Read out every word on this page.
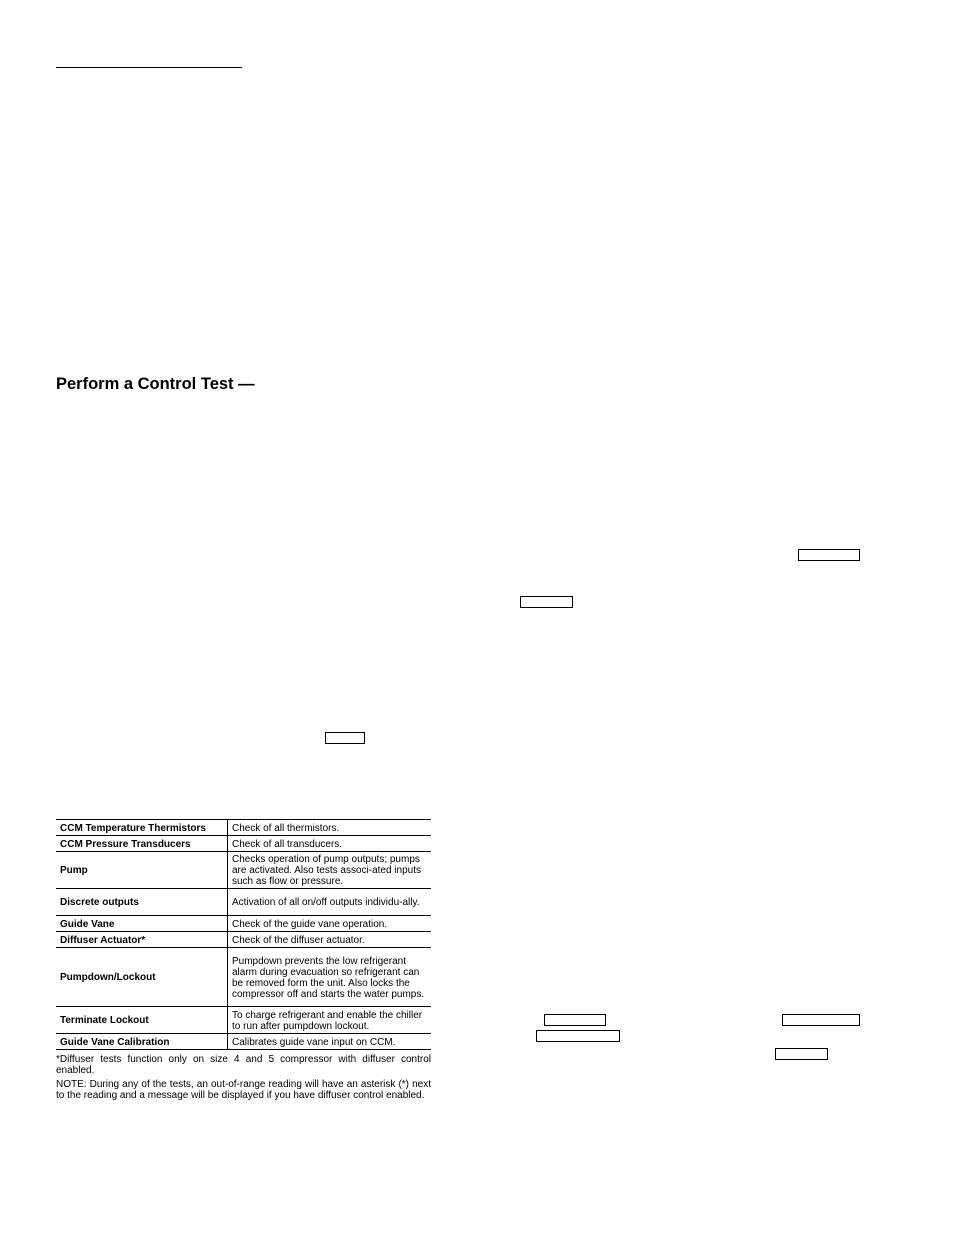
Perform a Control Test —
CCM Temperature Thermistors	Check of all thermistors.
CCM Pressure Transducers	Check of all transducers.
Pump	Checks operation of pump outputs; pumps are activated. Also tests associ-ated inputs such as flow or pressure.
Discrete outputs	Activation of all on/off outputs individu-ally.
Guide Vane	Check of the guide vane operation.
Diffuser Actuator*	Check of the diffuser actuator.
Pumpdown/Lockout	Pumpdown prevents the low refrigerant alarm during evacuation so refrigerant can be removed form the unit. Also locks the compressor off and starts the water pumps.
Terminate Lockout	To charge refrigerant and enable the chiller to run after pumpdown lockout.
Guide Vane Calibration	Calibrates guide vane input on CCM.

*Diffuser tests function only on size 4 and 5 compressor with diffuser control enabled.

NOTE: During any of the tests, an out-of-range reading will have an asterisk (*) next to the reading and a message will be displayed if you have diffuser control enabled.
